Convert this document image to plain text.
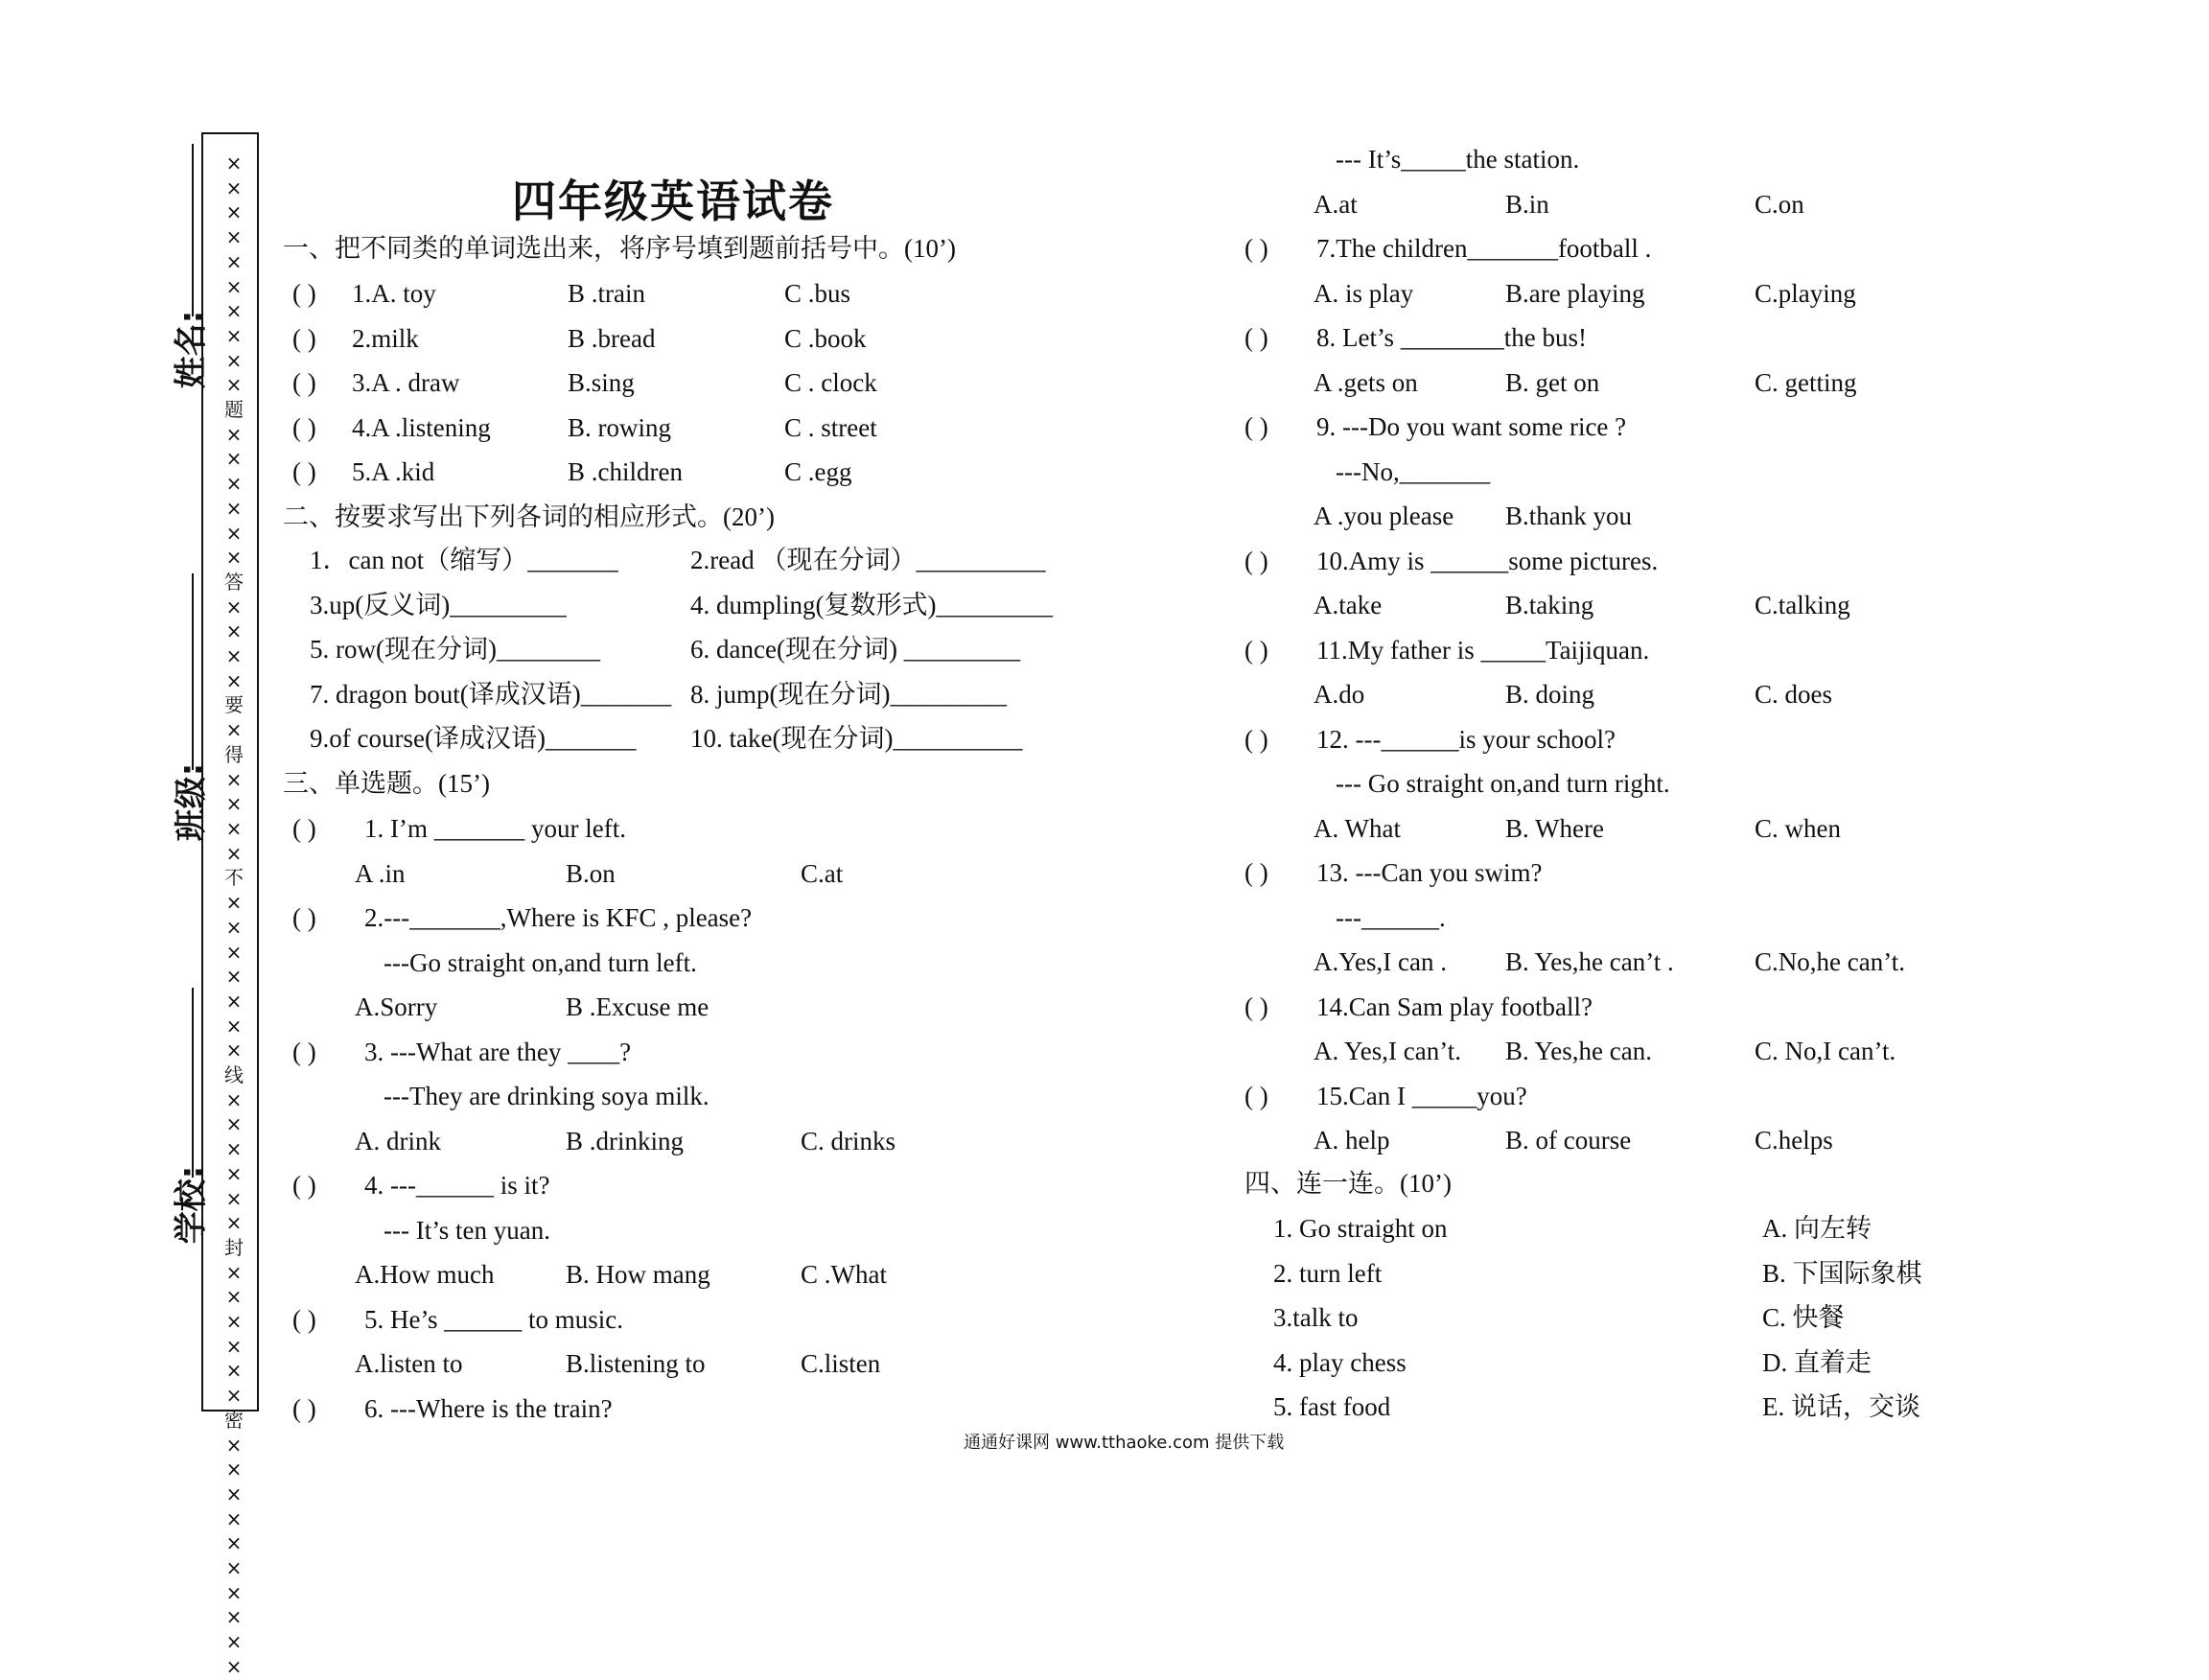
姓名:
班级:
学校:
×
×
×
×
×
×
×
×
×
×
题
×
×
×
×
×
×
答
×
×
×
×
要
×
得
×
×
×
×
不
×
×
×
×
×
×
×
线
×
×
×
×
×
×
封
×
×
×
×
×
×
密
×
×
×
×
×
×
×
×
×
×
四年级英语试卷
一、把不同类的单词选出来，将序号填到题前括号中。(10’)
( ) 1.A. toy	B .train	C .bus
( ) 2.milk	B .bread	C .book
( ) 3.A . draw	B.sing	C . clock
( ) 4.A .listening	B. rowing	C . street
( ) 5.A .kid	B .children	C .egg
二、按要求写出下列各词的相应形式。(20’)
1．can not（缩写）_______	2.read （现在分词）__________
3.up(反义词)_________	4. dumpling(复数形式)_________
5. row(现在分词)________	6. dance(现在分词) _________
7. dragon bout(译成汉语)_______ 8. jump(现在分词)_________
9.of course(译成汉语)_______ 10. take(现在分词)__________
三、单选题。(15’)
( ) 1. I’m _______ your left.
A .in	B.on	C.at
( ) 2.---_______,Where is KFC , please?
---Go straight on,and turn left.
A.Sorry	B .Excuse me
( ) 3. ---What are they ____?
---They are drinking soya milk.
A. drink	B .drinking	C. drinks
( ) 4. ---______ is it?
--- It’s ten yuan.
A.How much	B. How mang	C .What
( ) 5. He’s ______ to music.
A.listen to	B.listening to	C.listen
( ) 6. ---Where is the train?
--- It’s_____the station.
A.at	B.in	C.on
( ) 7.The children_______football .
A. is play	B.are playing	C.playing
( ) 8. Let’s ________the bus!
A .gets on	B. get on	C. getting
( ) 9. ---Do you want some rice ?
---No,_______
A .you please B.thank you
( ) 10.Amy is ______some pictures.
A.take	B.taking	C.talking
( ) 11.My father is _____Taijiquan.
A.do	B. doing	C. does
( ) 12. ---______is your school?
--- Go straight on,and turn right.
A. What	B. Where	C. when
( ) 13. ---Can you swim?
---______.
A.Yes,I can . B. Yes,he can’t .	C.No,he can’t.
( ) 14.Can Sam play football?
A. Yes,I can’t. B. Yes,he can.	C. No,I can’t.
( ) 15.Can I _____you?
A. help	B. of course	C.helps
四、连一连。(10’)
1. Go straight on	A. 向左转
2. turn left	B. 下国际象棋
3.talk to	C. 快餐
4. play chess	D. 直着走
5. fast food	E. 说话，交谈
通通好课网 www.tthaoke.com 提供下载
